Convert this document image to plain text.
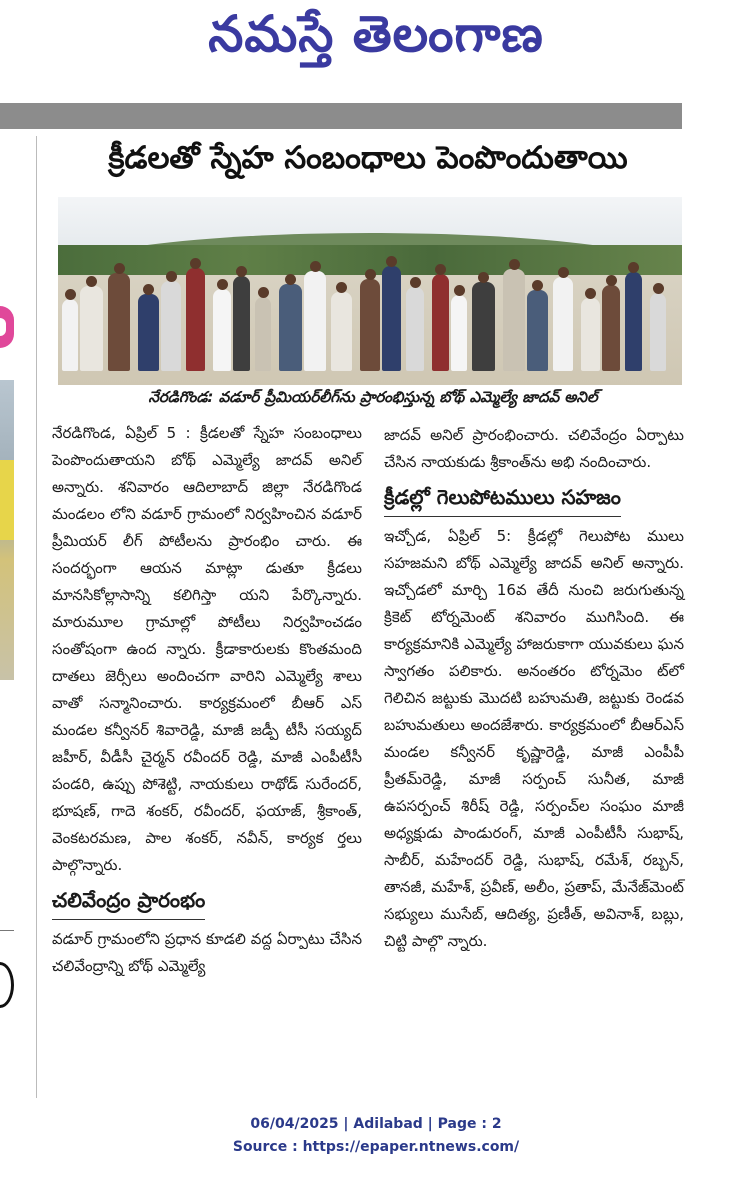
నమస్తే తెలంగాణ
క్రీడలతో స్నేహ సంబంధాలు పెంపొందుతాయి
నేరడిగొండ: వడూర్ ప్రీమియర్‌లీగ్‌ను ప్రారంభిస్తున్న బోథ్ ఎమ్మెల్యే జాదవ్ అనిల్

నేరడిగొండ, ఏప్రిల్ 5 : క్రీడలతో స్నేహ సంబంధాలు పెంపొందుతాయని బోథ్ ఎమ్మెల్యే జాదవ్ అనిల్ అన్నారు. శనివారం ఆదిలాబాద్ జిల్లా నేరడిగొండ మండలం లోని వడూర్ గ్రామంలో నిర్వహించిన వడూర్ ప్రీమియర్ లీగ్ పోటీలను ప్రారంభిం చారు. ఈ సందర్భంగా ఆయన మాట్లా డుతూ క్రీడలు మానసికోల్లాసాన్ని కలిగిస్తా యని పేర్కొన్నారు. మారుమూల గ్రామాల్లో పోటీలు నిర్వహించడం సంతోషంగా ఉంద న్నారు. క్రీడాకారులకు కొంతమంది దాతలు జెర్సీలు అందించగా వారిని ఎమ్మెల్యే శాలు వాతో సన్మానించారు. కార్యక్రమంలో బీఆర్ ఎస్ మండల కన్వీనర్ శివారెడ్డి, మాజీ జడ్పీ టీసీ సయ్యద్ జహీర్, వీడీసీ చైర్మన్ రవీందర్ రెడ్డి, మాజీ ఎంపీటీసీ పండరి, ఉప్పు పోశెట్టి, నాయకులు రాథోడ్ సురేందర్, భూషణ్, గాదె శంకర్, రవీందర్, ఫయాజ్, శ్రీకాంత్, వెంకటరమణ, పాల శంకర్, నవీన్, కార్యక ర్తలు పాల్గొన్నారు.

చలివేంద్రం ప్రారంభం

వడూర్ గ్రామంలోని ప్రధాన కూడలి వద్ద ఏర్పాటు చేసిన చలివేంద్రాన్ని బోథ్ ఎమ్మెల్యే

జాదవ్ అనిల్ ప్రారంభించారు. చలివేంద్రం ఏర్పాటు చేసిన నాయకుడు శ్రీకాంత్‌ను అభి నందించారు.

క్రీడల్లో గెలుపోటములు సహజం

ఇచ్చోడ, ఏప్రిల్ 5: క్రీడల్లో గెలుపోట ములు సహజమని బోథ్ ఎమ్మెల్యే జాదవ్ అనిల్ అన్నారు. ఇచ్చోడలో మార్చి 16వ తేదీ నుంచి జరుగుతున్న క్రికెట్ టోర్నమెంట్ శనివారం ముగిసింది. ఈ కార్యక్రమానికి ఎమ్మెల్యే హాజరుకాగా యువకులు ఘన స్వాగతం పలికారు. అనంతరం టోర్నమెం ట్‌లో గెలిచిన జట్టుకు మొదటి బహుమతి, జట్టుకు రెండవ బహుమతులు అందజేశారు. కార్యక్రమంలో బీఆర్‌ఎస్ మండల కన్వీనర్ కృష్ణారెడ్డి, మాజీ ఎంపీపీ ప్రీతమ్‌రెడ్డి, మాజీ సర్పంచ్ సునీత, మాజీ ఉపసర్పంచ్ శిరీష్ రెడ్డి, సర్పంచ్‌ల సంఘం మాజీ అధ్యక్షుడు పాండురంగ్, మాజీ ఎంపీటీసీ సుభాష్, సాబీర్, మహేందర్ రెడ్డి, సుభాష్, రమేశ్, రబ్బన్, తానజీ, మహేశ్, ప్రవీణ్, అలీం, ప్రతాప్, మేనేజ్‌మెంట్ సభ్యులు ముసేబ్, ఆదిత్య, ప్రణీత్, అవినాశ్, బబ్లు, చిట్టి పాల్గొ న్నారు.

06/04/2025 | Adilabad | Page : 2
Source : https://epaper.ntnews.com/
